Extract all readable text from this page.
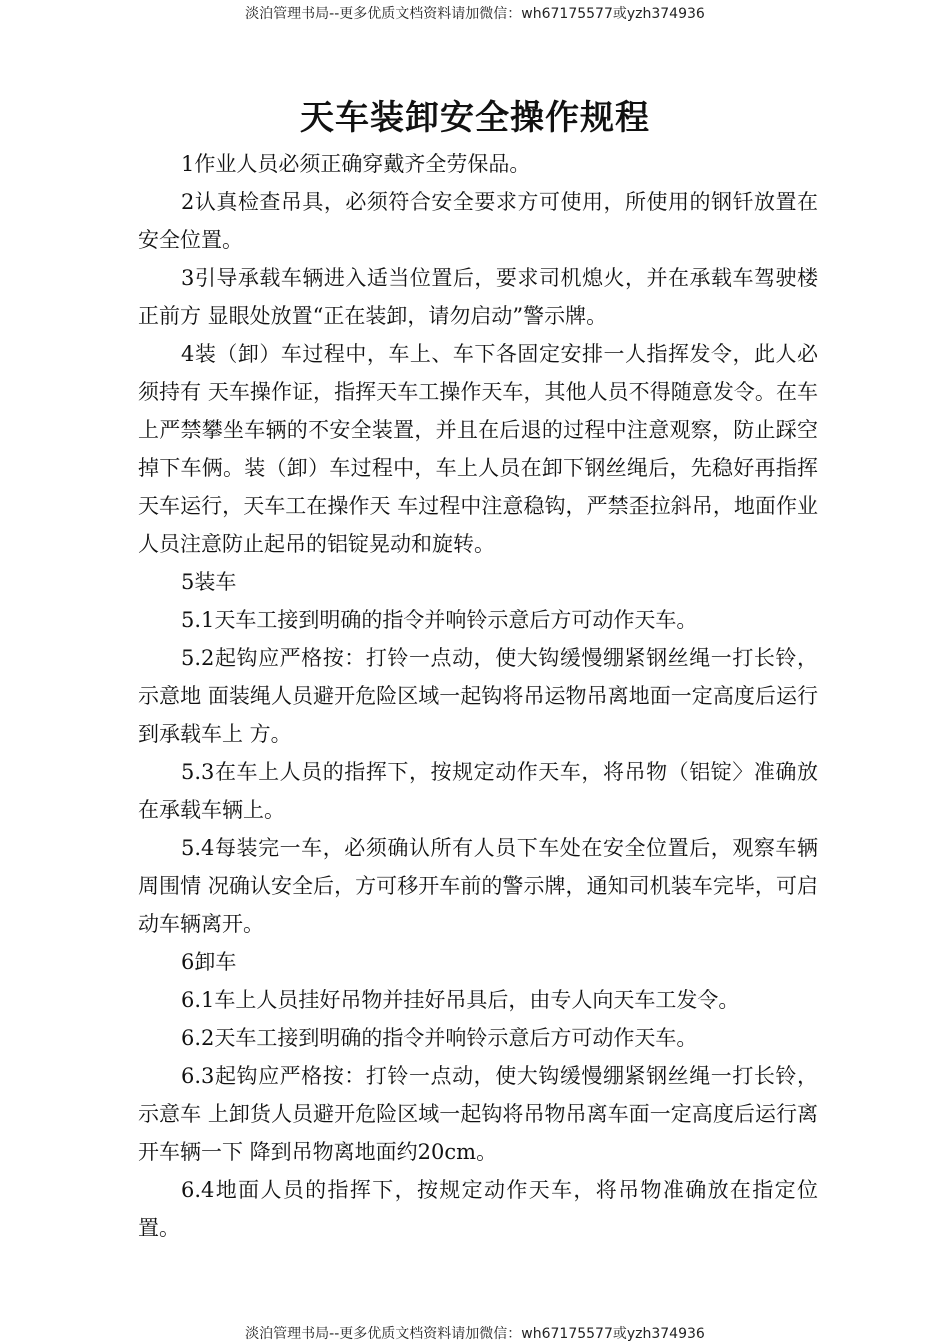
淡泊管理书局--更多优质文档资料请加微信：wh67175577或yzh374936
天车装卸安全操作规程

1作业人员必须正确穿戴齐全劳保品。

2认真检查吊具，必须符合安全要求方可使用，所使用的钢钎放置在安全位置。

3引导承载车辆进入适当位置后，要求司机熄火，并在承载车驾驶楼正前方 显眼处放置“正在装卸，请勿启动”警示牌。

4装（卸）车过程中，车上、车下各固定安排一人指挥发令，此人必须持有 天车操作证，指挥天车工操作天车，其他人员不得随意发令。在车上严禁攀坐车辆的不安全装置，并且在后退的过程中注意观察，防止踩空掉下车俩。装（卸）车过程中，车上人员在卸下钢丝绳后，先稳好再指挥天车运行，天车工在操作天 车过程中注意稳钩，严禁歪拉斜吊，地面作业人员注意防止起吊的铝锭晃动和旋转。

5装车

5.1天车工接到明确的指令并响铃示意后方可动作天车。

5.2起钩应严格按：打铃一点动，使大钩缓慢绷紧钢丝绳一打长铃，示意地 面装绳人员避开危险区域一起钩将吊运物吊离地面一定高度后运行到承载车上 方。

5.3在车上人员的指挥下，按规定动作天车，将吊物（铝锭〉准确放在承载车辆上。

5.4每装完一车，必须确认所有人员下车处在安全位置后，观察车辆周围情 况确认安全后，方可移开车前的警示牌，通知司机装车完毕，可启动车辆离开。

6卸车

6.1车上人员挂好吊物并挂好吊具后，由专人向天车工发令。

6.2天车工接到明确的指令并响铃示意后方可动作天车。

6.3起钩应严格按：打铃一点动，使大钩缓慢绷紧钢丝绳一打长铃，示意车 上卸货人员避开危险区域一起钩将吊物吊离车面一定高度后运行离开车辆一下 降到吊物离地面约20cm。

6.4地面人员的指挥下，按规定动作天车，将吊物准确放在指定位置。

淡泊管理书局--更多优质文档资料请加微信：wh67175577或yzh374936
